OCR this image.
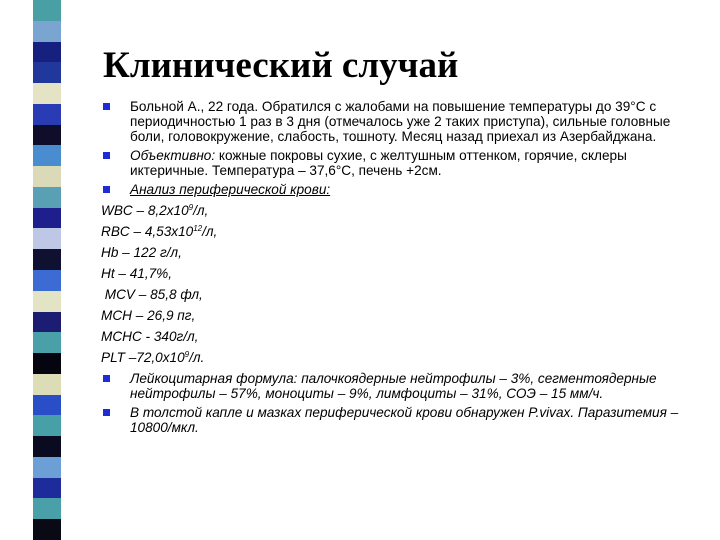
Клинический случай
Больной А., 22 года. Обратился с жалобами на повышение температуры до 39°С с периодичностью 1 раз в 3 дня (отмечалось уже 2 таких приступа), сильные головные боли, головокружение, слабость, тошноту. Месяц назад приехал из Азербайджана.
Объективно: кожные покровы сухие, с желтушным оттенком, горячие, склеры иктеричные. Температура – 37,6°С, печень +2см.
Анализ периферической крови:
WBC – $8,2x10^9/л$,
RBC – $4,53x10^{12}/л$,
Hb – 122 г/л,
Ht – 41,7%,
MCV – 85,8 фл,
MCH – 26,9 пг,
MCHC - 340г/л,
PLT $-72,0x10^9/л$.
Лейкоцитарная формула: палочкоядерные нейтрофилы – 3%, сегментоядерные нейтрофилы – 57%, моноциты – 9%, лимфоциты – 31%, СОЭ – 15 мм/ч.
В толстой капле и мазках периферической крови обнаружен P.vivax. Паразитемия – 10800/мкл.
